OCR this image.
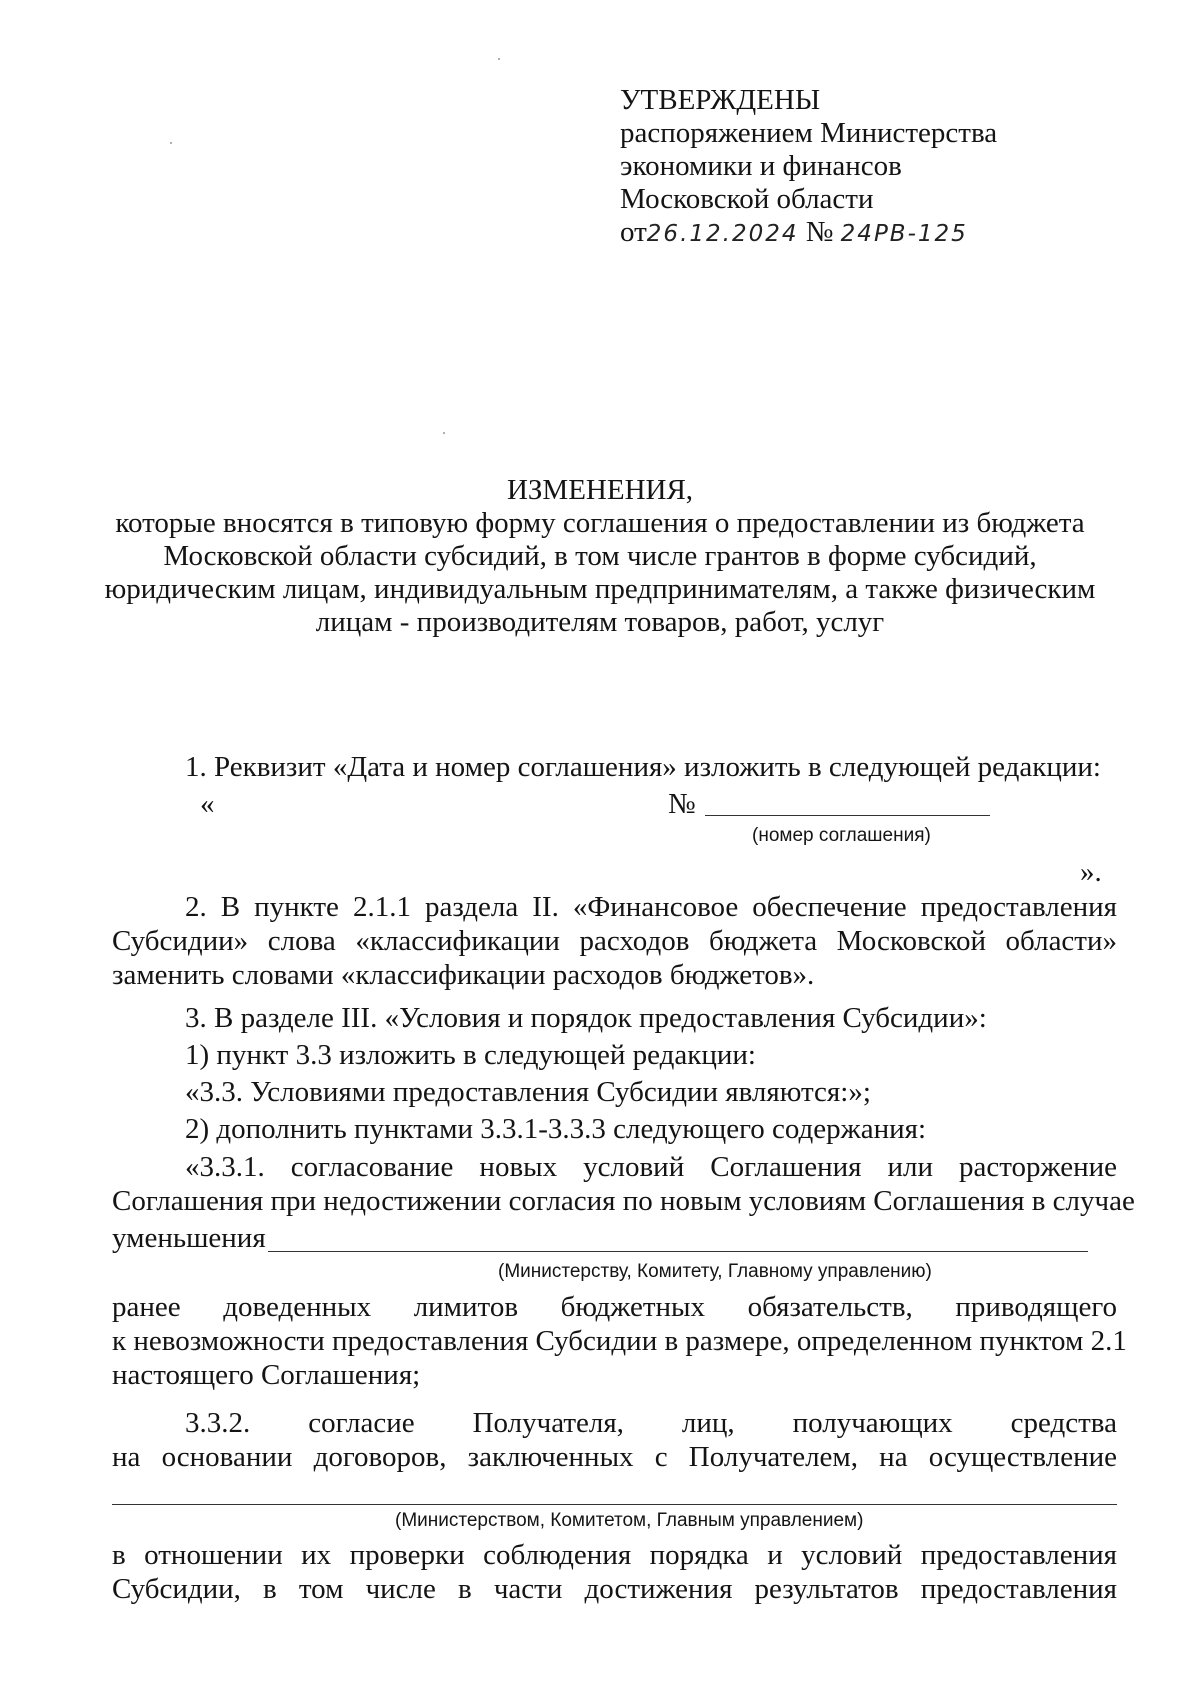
УТВЕРЖДЕНЫ
распоряжением Министерства
экономики и финансов
Московской области
от26.12.2024 № 24РВ-125
ИЗМЕНЕНИЯ,
которые вносятся в типовую форму соглашения о предоставлении из бюджета
Московской области субсидий, в том числе грантов в форме субсидий,
юридическим лицам, индивидуальным предпринимателям, а также физическим
лицам - производителям товаров, работ, услуг
1. Реквизит «Дата и номер соглашения» изложить в следующей редакции:
«	№
(номер соглашения)
».
2. В пункте 2.1.1 раздела II. «Финансовое обеспечение предоставления
Субсидии» слова «классификации расходов бюджета Московской области»
заменить словами «классификации расходов бюджетов».
3. В разделе III. «Условия и порядок предоставления Субсидии»:
1) пункт 3.3 изложить в следующей редакции:
«3.3. Условиями предоставления Субсидии являются:»;
2) дополнить пунктами 3.3.1-3.3.3 следующего содержания:
«3.3.1. согласование новых условий Соглашения или расторжение
Соглашения при недостижении согласия по новым условиям Соглашения в случае
уменьшения
(Министерству, Комитету, Главному управлению)
ранее доведенных лимитов бюджетных обязательств, приводящего
к невозможности предоставления Субсидии в размере, определенном пунктом 2.1
настоящего Соглашения;
3.3.2. согласие Получателя, лиц, получающих средства
на основании договоров, заключенных с Получателем, на осуществление
(Министерством, Комитетом, Главным управлением)
в отношении их проверки соблюдения порядка и условий предоставления
Субсидии, в том числе в части достижения результатов предоставления
